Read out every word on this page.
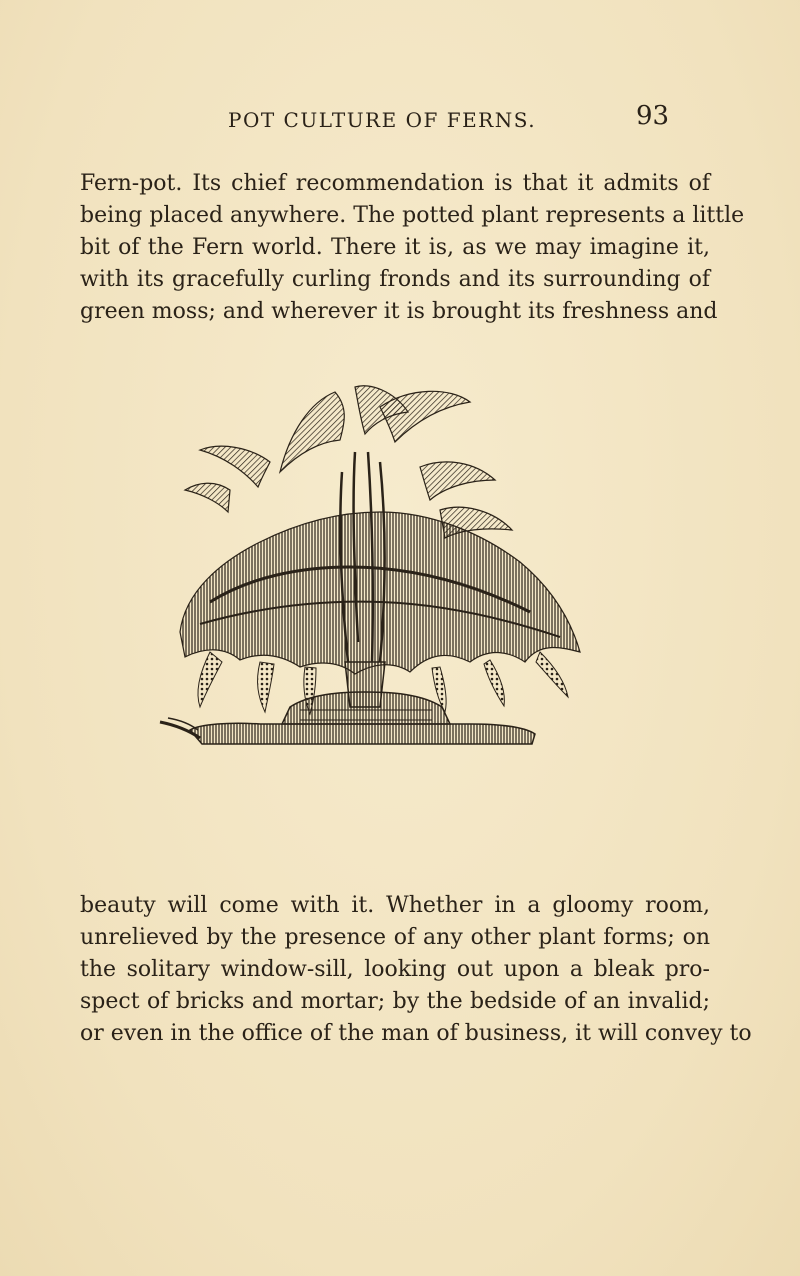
POT CULTURE OF FERNS.	93
Fern-pot. Its chief recommendation is that it admits of
being placed anywhere. The potted plant represents a little
bit of the Fern world. There it is, as we may imagine it,
with its gracefully curling fronds and its surrounding of
green moss; and wherever it is brought its freshness and
beauty will come with it. Whether in a gloomy room,
unrelieved by the presence of any other plant forms; on
the solitary window-sill, looking out upon a bleak pro-
spect of bricks and mortar; by the bedside of an invalid;
or even in the office of the man of business, it will convey to
